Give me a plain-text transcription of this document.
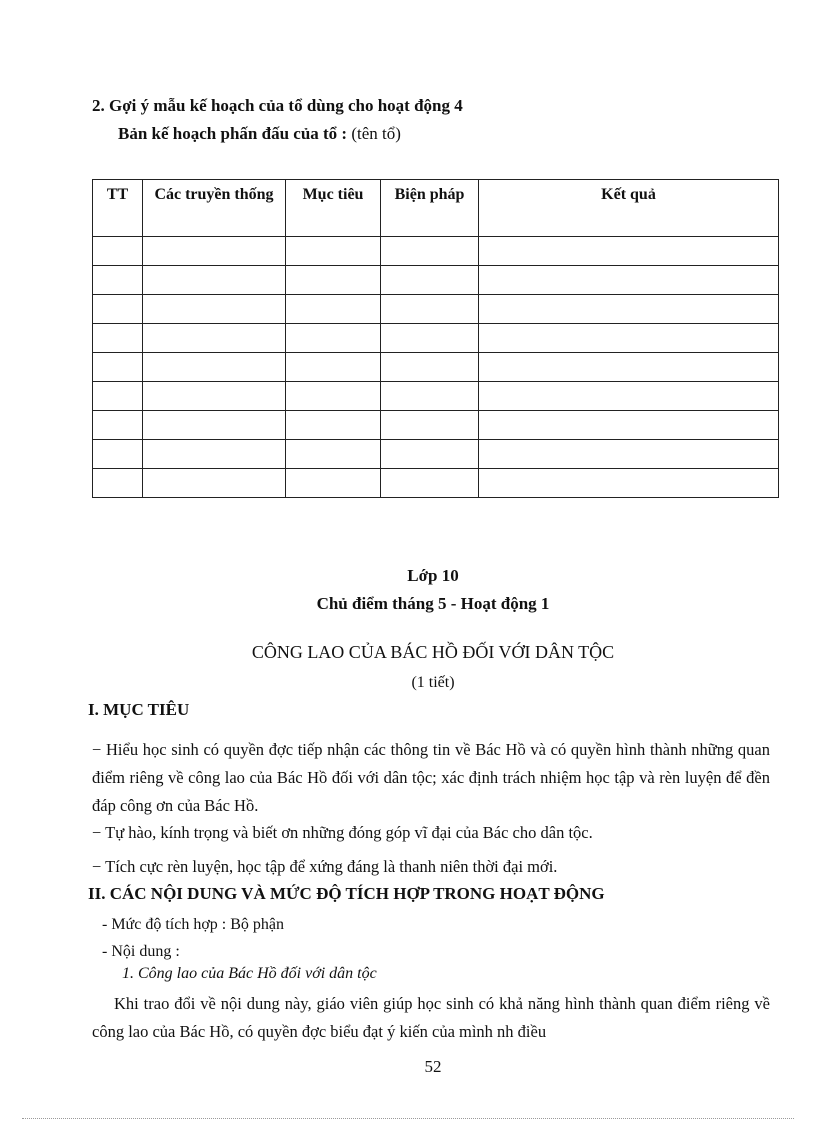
2. Gợi ý mẫu kế hoạch của tổ dùng cho hoạt động 4
Bản kế hoạch phấn đấu của tổ : (tên tổ)
TT	Các truyền thống	Mục tiêu	Biện pháp	Kết quả

Lớp 10
Chủ điểm tháng 5 - Hoạt động 1
CÔNG LAO CỦA BÁC HỒ ĐỐI VỚI DÂN TỘC
(1 tiết)
I. MỤC TIÊU
− Hiểu học sinh có quyền đợc tiếp nhận các thông tin về Bác Hồ và có quyền hình thành những quan điểm riêng về công lao của Bác Hồ đối với dân tộc; xác định trách nhiệm học tập và rèn luyện để đền đáp công ơn của Bác Hồ.
− Tự hào, kính trọng và biết ơn những đóng góp vĩ đại của Bác cho dân tộc.
− Tích cực rèn luyện, học tập để xứng đáng là thanh niên thời đại mới.
II. CÁC NỘI DUNG VÀ MỨC ĐỘ TÍCH HỢP TRONG HOẠT ĐỘNG
- Mức độ tích hợp : Bộ phận
- Nội dung :
1. Công lao của Bác Hồ đối với dân tộc
Khi trao đổi về nội dung này, giáo viên giúp học sinh có khả năng hình thành quan điểm riêng về công lao của Bác Hồ, có quyền đợc biểu đạt ý kiến của mình nh điều
52
